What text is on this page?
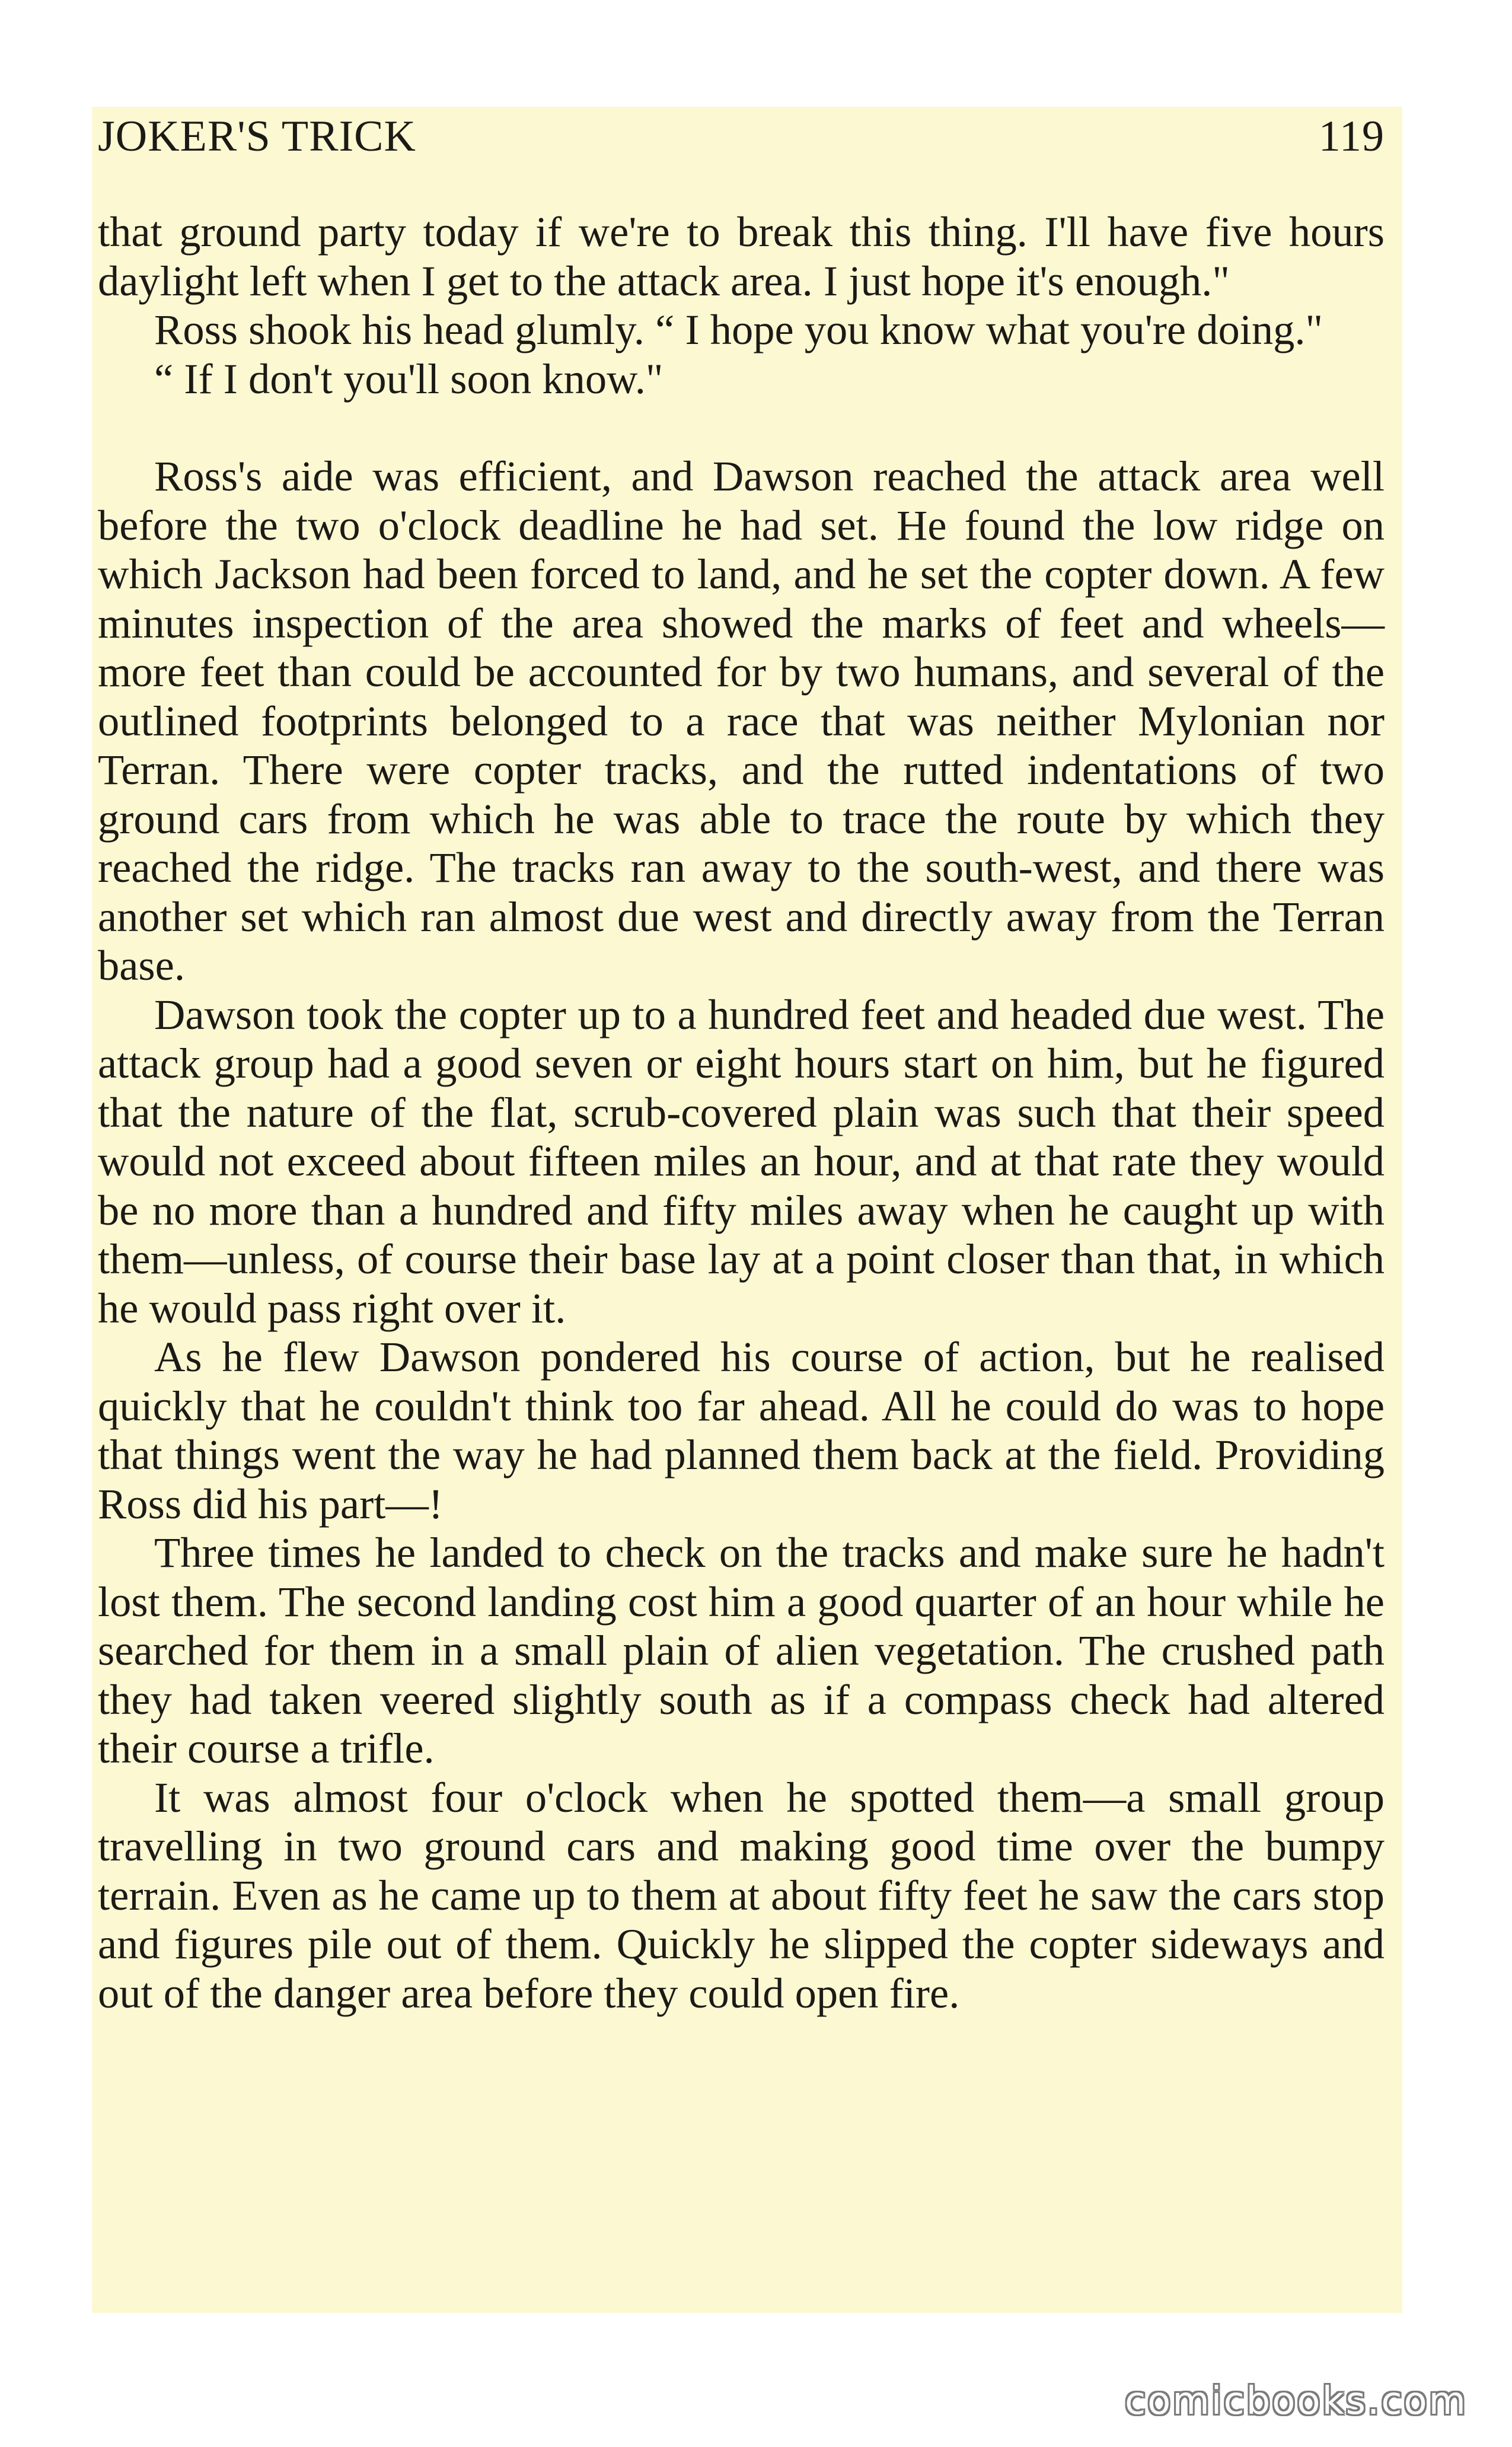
JOKER'S TRICK	119

that ground party today if we're to break this thing. I'll have five hours daylight left when I get to the attack area. I just hope it's enough."

Ross shook his head glumly. “ I hope you know what you're doing."

“ If I don't you'll soon know."

Ross's aide was efficient, and Dawson reached the attack area well before the two o'clock deadline he had set. He found the low ridge on which Jackson had been forced to land, and he set the copter down. A few minutes inspection of the area showed the marks of feet and wheels—more feet than could be accounted for by two humans, and several of the outlined footprints belonged to a race that was neither Mylonian nor Terran. There were copter tracks, and the rutted indentations of two ground cars from which he was able to trace the route by which they reached the ridge. The tracks ran away to the south-west, and there was another set which ran almost due west and directly away from the Terran base.

Dawson took the copter up to a hundred feet and headed due west. The attack group had a good seven or eight hours start on him, but he figured that the nature of the flat, scrub-covered plain was such that their speed would not exceed about fifteen miles an hour, and at that rate they would be no more than a hundred and fifty miles away when he caught up with them—unless, of course their base lay at a point closer than that, in which he would pass right over it.

As he flew Dawson pondered his course of action, but he realised quickly that he couldn't think too far ahead. All he could do was to hope that things went the way he had planned them back at the field. Providing Ross did his part—!

Three times he landed to check on the tracks and make sure he hadn't lost them. The second landing cost him a good quarter of an hour while he searched for them in a small plain of alien vegetation. The crushed path they had taken veered slightly south as if a compass check had altered their course a trifle.

It was almost four o'clock when he spotted them—a small group travelling in two ground cars and making good time over the bumpy terrain. Even as he came up to them at about fifty feet he saw the cars stop and figures pile out of them. Quickly he slipped the copter sideways and out of the danger area before they could open fire.

comicbooks.com
